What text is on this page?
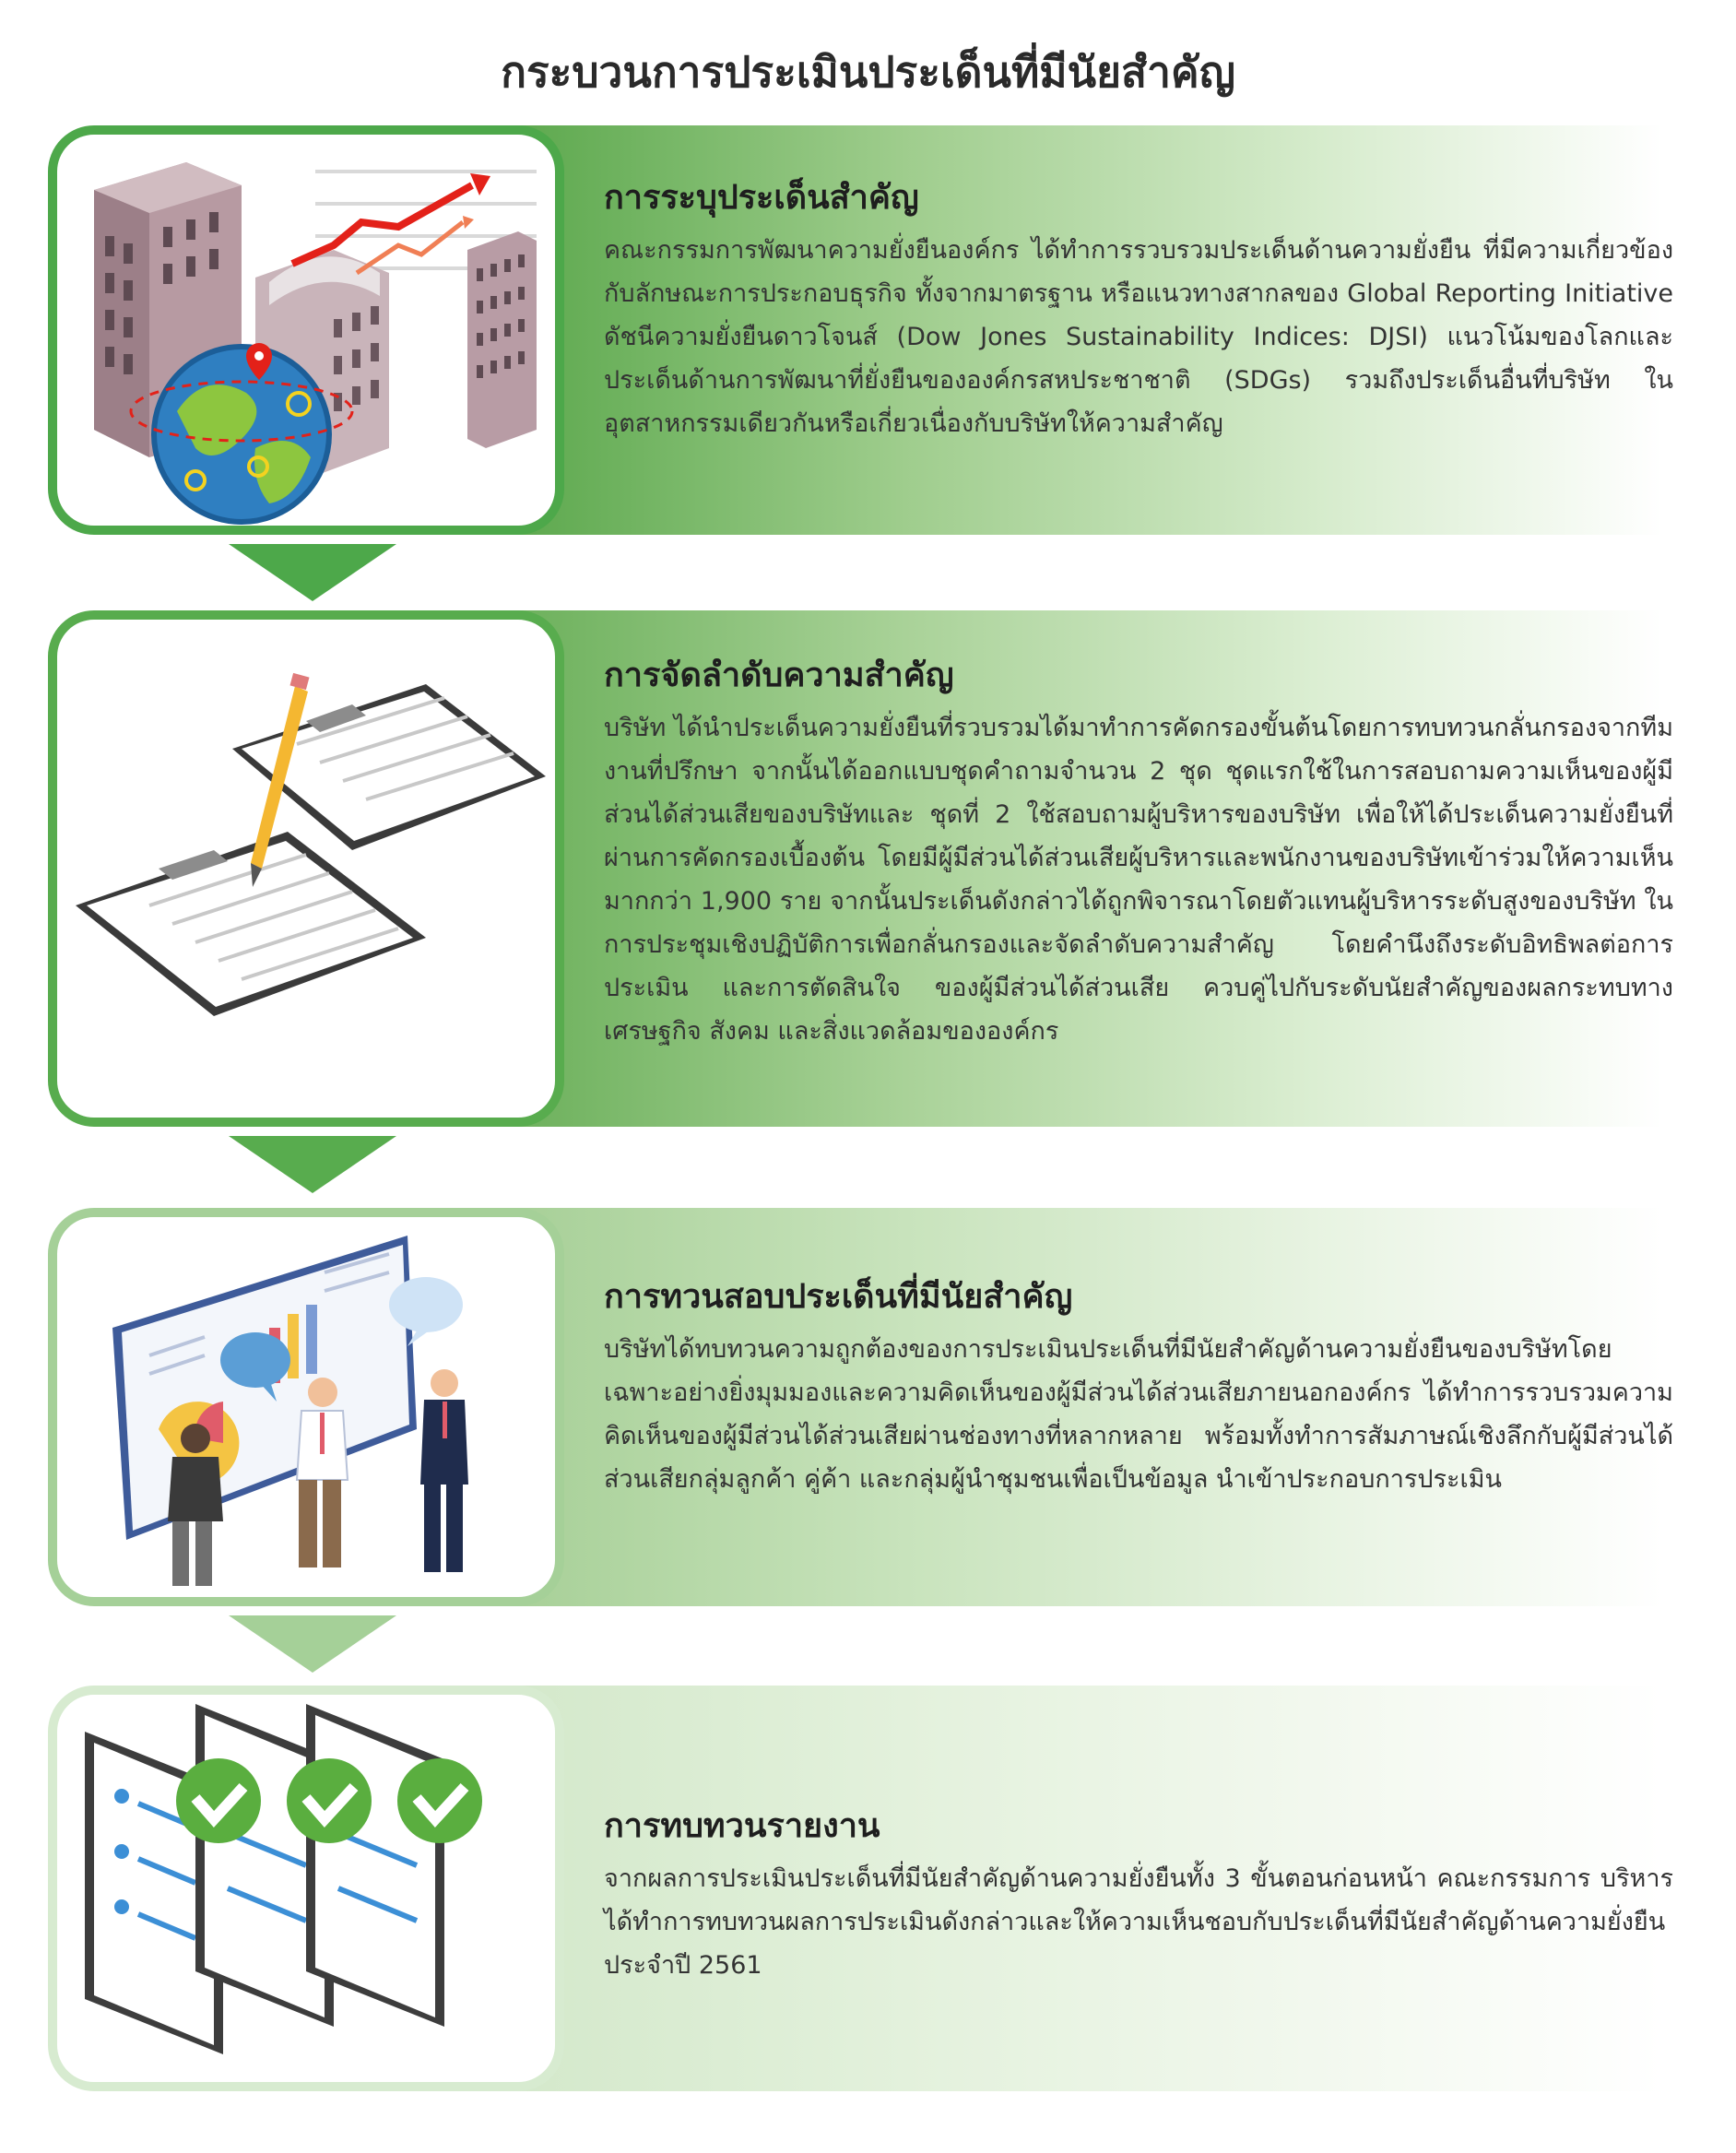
กระบวนการประเมินประเด็นที่มีนัยสำคัญ
การระบุประเด็นสำคัญ

คณะกรรมการพัฒนาความยั่งยืนองค์กร ได้ทำการรวบรวมประเด็นด้านความยั่งยืน ที่มีความเกี่ยวข้องกับลักษณะการประกอบธุรกิจ ทั้งจากมาตรฐาน หรือแนวทางสากลของ Global Reporting Initiative ดัชนีความยั่งยืนดาวโจนส์ (Dow Jones Sustainability Indices: DJSI) แนวโน้มของโลกและประเด็นด้านการพัฒนาที่ยั่งยืนขององค์กรสหประชาชาติ (SDGs) รวมถึงประเด็นอื่นที่บริษัท ในอุตสาหกรรมเดียวกันหรือเกี่ยวเนื่องกับบริษัทให้ความสำคัญ

การจัดลำดับความสำคัญ

บริษัท ได้นำประเด็นความยั่งยืนที่รวบรวมได้มาทำการคัดกรองขั้นต้นโดยการทบทวนกลั่นกรองจากทีมงานที่ปรึกษา จากนั้นได้ออกแบบชุดคำถามจำนวน 2 ชุด ชุดแรกใช้ในการสอบถามความเห็นของผู้มีส่วนได้ส่วนเสียของบริษัทและ ชุดที่ 2 ใช้สอบถามผู้บริหารของบริษัท เพื่อให้ได้ประเด็นความยั่งยืนที่ผ่านการคัดกรองเบื้องต้น โดยมีผู้มีส่วนได้ส่วนเสียผู้บริหารและพนักงานของบริษัทเข้าร่วมให้ความเห็นมากกว่า 1,900 ราย จากนั้นประเด็นดังกล่าวได้ถูกพิจารณาโดยตัวแทนผู้บริหารระดับสูงของบริษัท ในการประชุมเชิงปฏิบัติการเพื่อกลั่นกรองและจัดลำดับความสำคัญ โดยคำนึงถึงระดับอิทธิพลต่อการประเมิน และการตัดสินใจ ของผู้มีส่วนได้ส่วนเสีย ควบคู่ไปกับระดับนัยสำคัญของผลกระทบทางเศรษฐกิจ สังคม และสิ่งแวดล้อมขององค์กร

การทวนสอบประเด็นที่มีนัยสำคัญ

บริษัทได้ทบทวนความถูกต้องของการประเมินประเด็นที่มีนัยสำคัญด้านความยั่งยืนของบริษัทโดยเฉพาะอย่างยิ่งมุมมองและความคิดเห็นของผู้มีส่วนได้ส่วนเสียภายนอกองค์กร ได้ทำการรวบรวมความคิดเห็นของผู้มีส่วนได้ส่วนเสียผ่านช่องทางที่หลากหลาย พร้อมทั้งทำการสัมภาษณ์เชิงลึกกับผู้มีส่วนได้ส่วนเสียกลุ่มลูกค้า คู่ค้า และกลุ่มผู้นำชุมชนเพื่อเป็นข้อมูล นำเข้าประกอบการประเมิน

การทบทวนรายงาน

จากผลการประเมินประเด็นที่มีนัยสำคัญด้านความยั่งยืนทั้ง 3 ขั้นตอนก่อนหน้า คณะกรรมการ บริหารได้ทำการทบทวนผลการประเมินดังกล่าวและให้ความเห็นชอบกับประเด็นที่มีนัยสำคัญด้านความยั่งยืนประจำปี 2561
